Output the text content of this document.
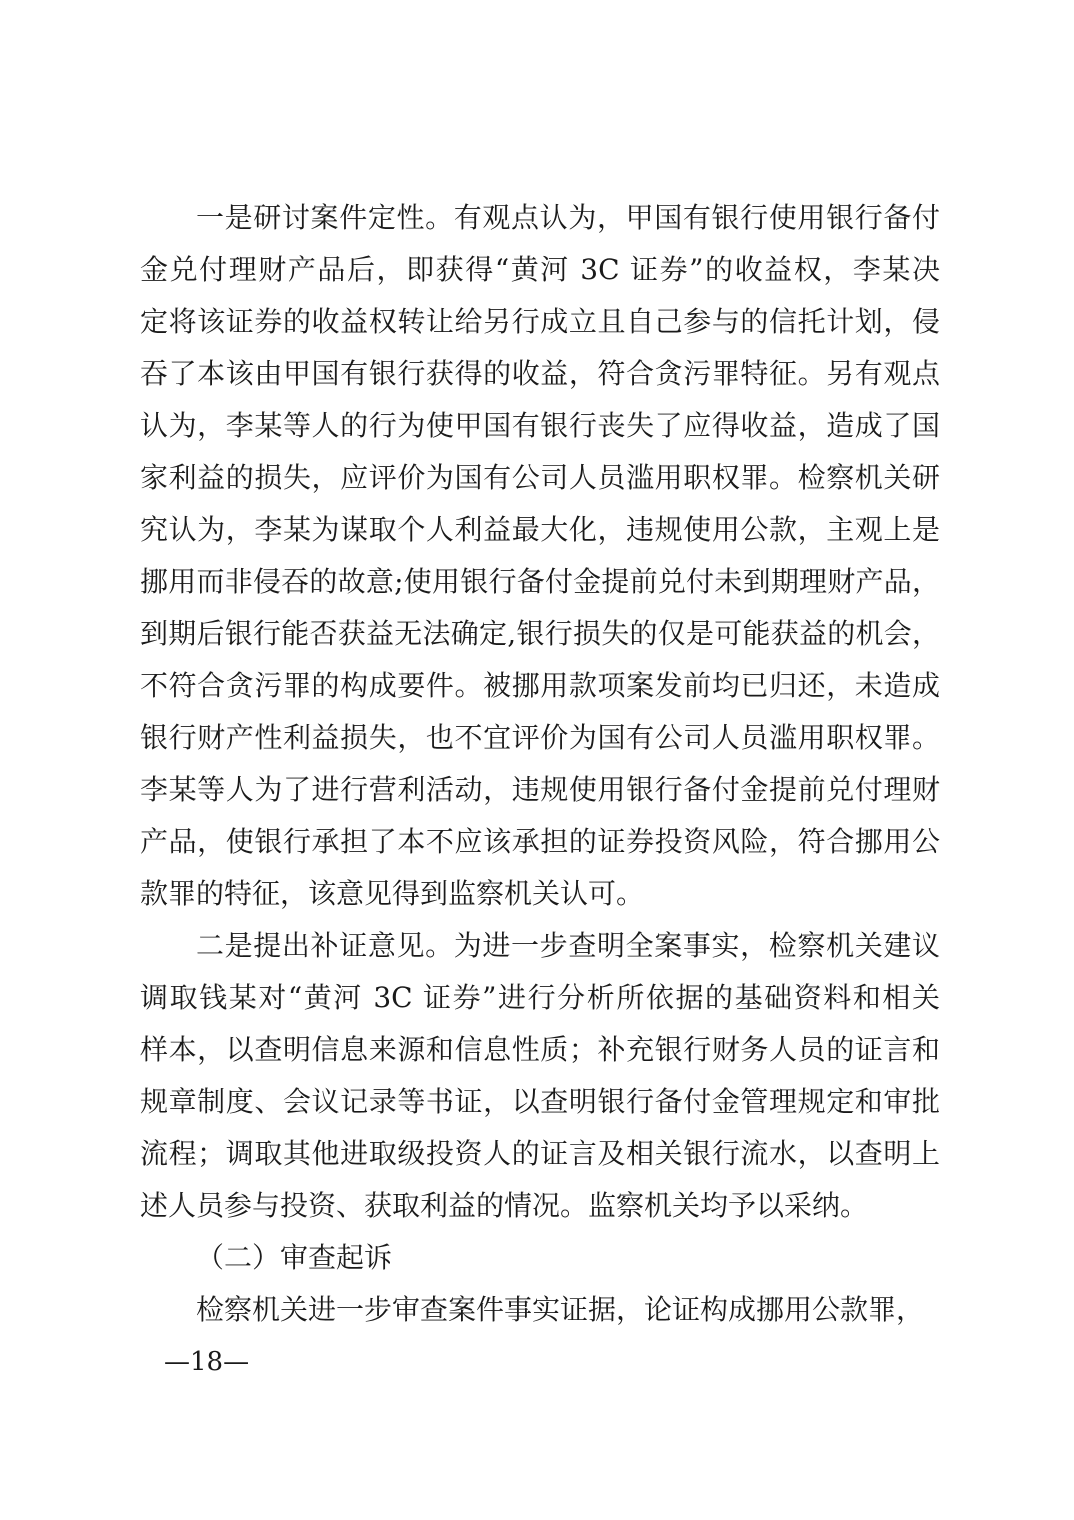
一是研讨案件定性。有观点认为，甲国有银行使用银行备付
金兑付理财产品后，即获得“黄河 3C 证券”的收益权，李某决
定将该证券的收益权转让给另行成立且自己参与的信托计划，侵
吞了本该由甲国有银行获得的收益，符合贪污罪特征。另有观点
认为，李某等人的行为使甲国有银行丧失了应得收益，造成了国
家利益的损失，应评价为国有公司人员滥用职权罪。检察机关研
究认为，李某为谋取个人利益最大化，违规使用公款，主观上是
挪用而非侵吞的故意;使用银行备付金提前兑付未到期理财产品，
到期后银行能否获益无法确定,银行损失的仅是可能获益的机会，
不符合贪污罪的构成要件。被挪用款项案发前均已归还，未造成
银行财产性利益损失，也不宜评价为国有公司人员滥用职权罪。
李某等人为了进行营利活动，违规使用银行备付金提前兑付理财
产品，使银行承担了本不应该承担的证券投资风险，符合挪用公
款罪的特征，该意见得到监察机关认可。
二是提出补证意见。为进一步查明全案事实，检察机关建议
调取钱某对“黄河 3C 证券”进行分析所依据的基础资料和相关
样本，以查明信息来源和信息性质；补充银行财务人员的证言和
规章制度、会议记录等书证，以查明银行备付金管理规定和审批
流程；调取其他进取级投资人的证言及相关银行流水，以查明上
述人员参与投资、获取利益的情况。监察机关均予以采纳。
（二）审查起诉
检察机关进一步审查案件事实证据，论证构成挪用公款罪，
—18—
